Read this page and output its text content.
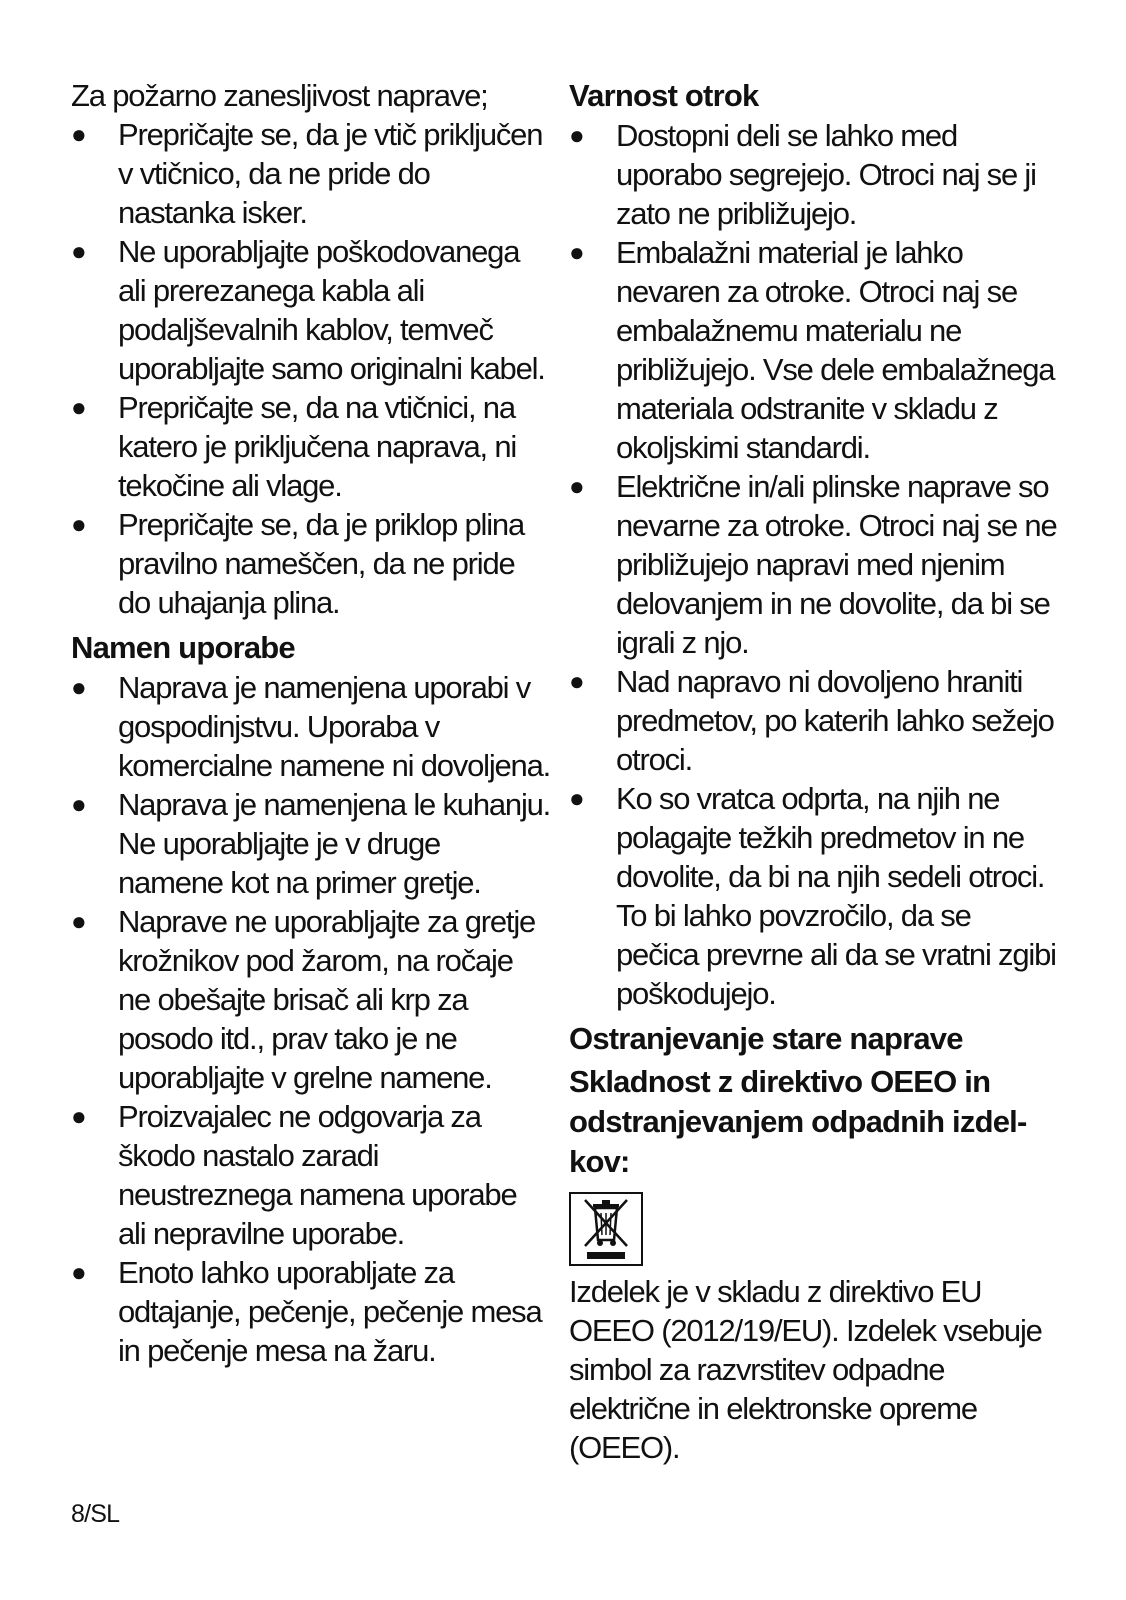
Za požarno zanesljivost naprave;

● Prepričajte se, da je vtič priključen v vtičnico, da ne pride do nastanka isker.
● Ne uporabljajte poškodovanega ali prerezanega kabla ali podaljševalnih kablov, temveč uporabljajte samo originalni kabel.
● Prepričajte se, da na vtičnici, na katero je priključena naprava, ni tekočine ali vlage.
● Prepričajte se, da je priklop plina pravilno nameščen, da ne pride do uhajanja plina.
Namen uporabe
● Naprava je namenjena uporabi v gospodinjstvu. Uporaba v komercialne namene ni dovoljena.
● Naprava je namenjena le kuhanju. Ne uporabljajte je v druge namene kot na primer gretje.
● Naprave ne uporabljajte za gretje krožnikov pod žarom, na ročaje ne obešajte brisač ali krp za posodo itd., prav tako je ne uporabljajte v grelne namene.
● Proizvajalec ne odgovarja za škodo nastalo zaradi neustreznega namena uporabe ali nepravilne uporabe.
● Enoto lahko uporabljate za odtajanje, pečenje, pečenje mesa in pečenje mesa na žaru.
Varnost otrok
● Dostopni deli se lahko med uporabo segrejejo. Otroci naj se ji zato ne približujejo.
● Embalažni material je lahko nevaren za otroke. Otroci naj se embalažnemu materialu ne približujejo. Vse dele embalažnega materiala odstranite v skladu z okoljskimi standardi.
● Električne in/ali plinske naprave so nevarne za otroke. Otroci naj se ne približujejo napravi med njenim delovanjem in ne dovolite, da bi se igrali z njo.
● Nad napravo ni dovoljeno hraniti predmetov, po katerih lahko sežejo otroci.
● Ko so vratca odprta, na njih ne polagajte težkih predmetov in ne dovolite, da bi na njih sedeli otroci. To bi lahko povzročilo, da se pečica prevrne ali da se vratni zgibi poškodujejo.
Ostranjevanje stare naprave
Skladnost z direktivo OEEO in odstranjevanjem odpadnih izdel-kov:

Izdelek je v skladu z direktivo EU OEEO (2012/19/EU). Izdelek vsebuje simbol za razvrstitev odpadne električne in elektronske opreme (OEEO).

8/SL
